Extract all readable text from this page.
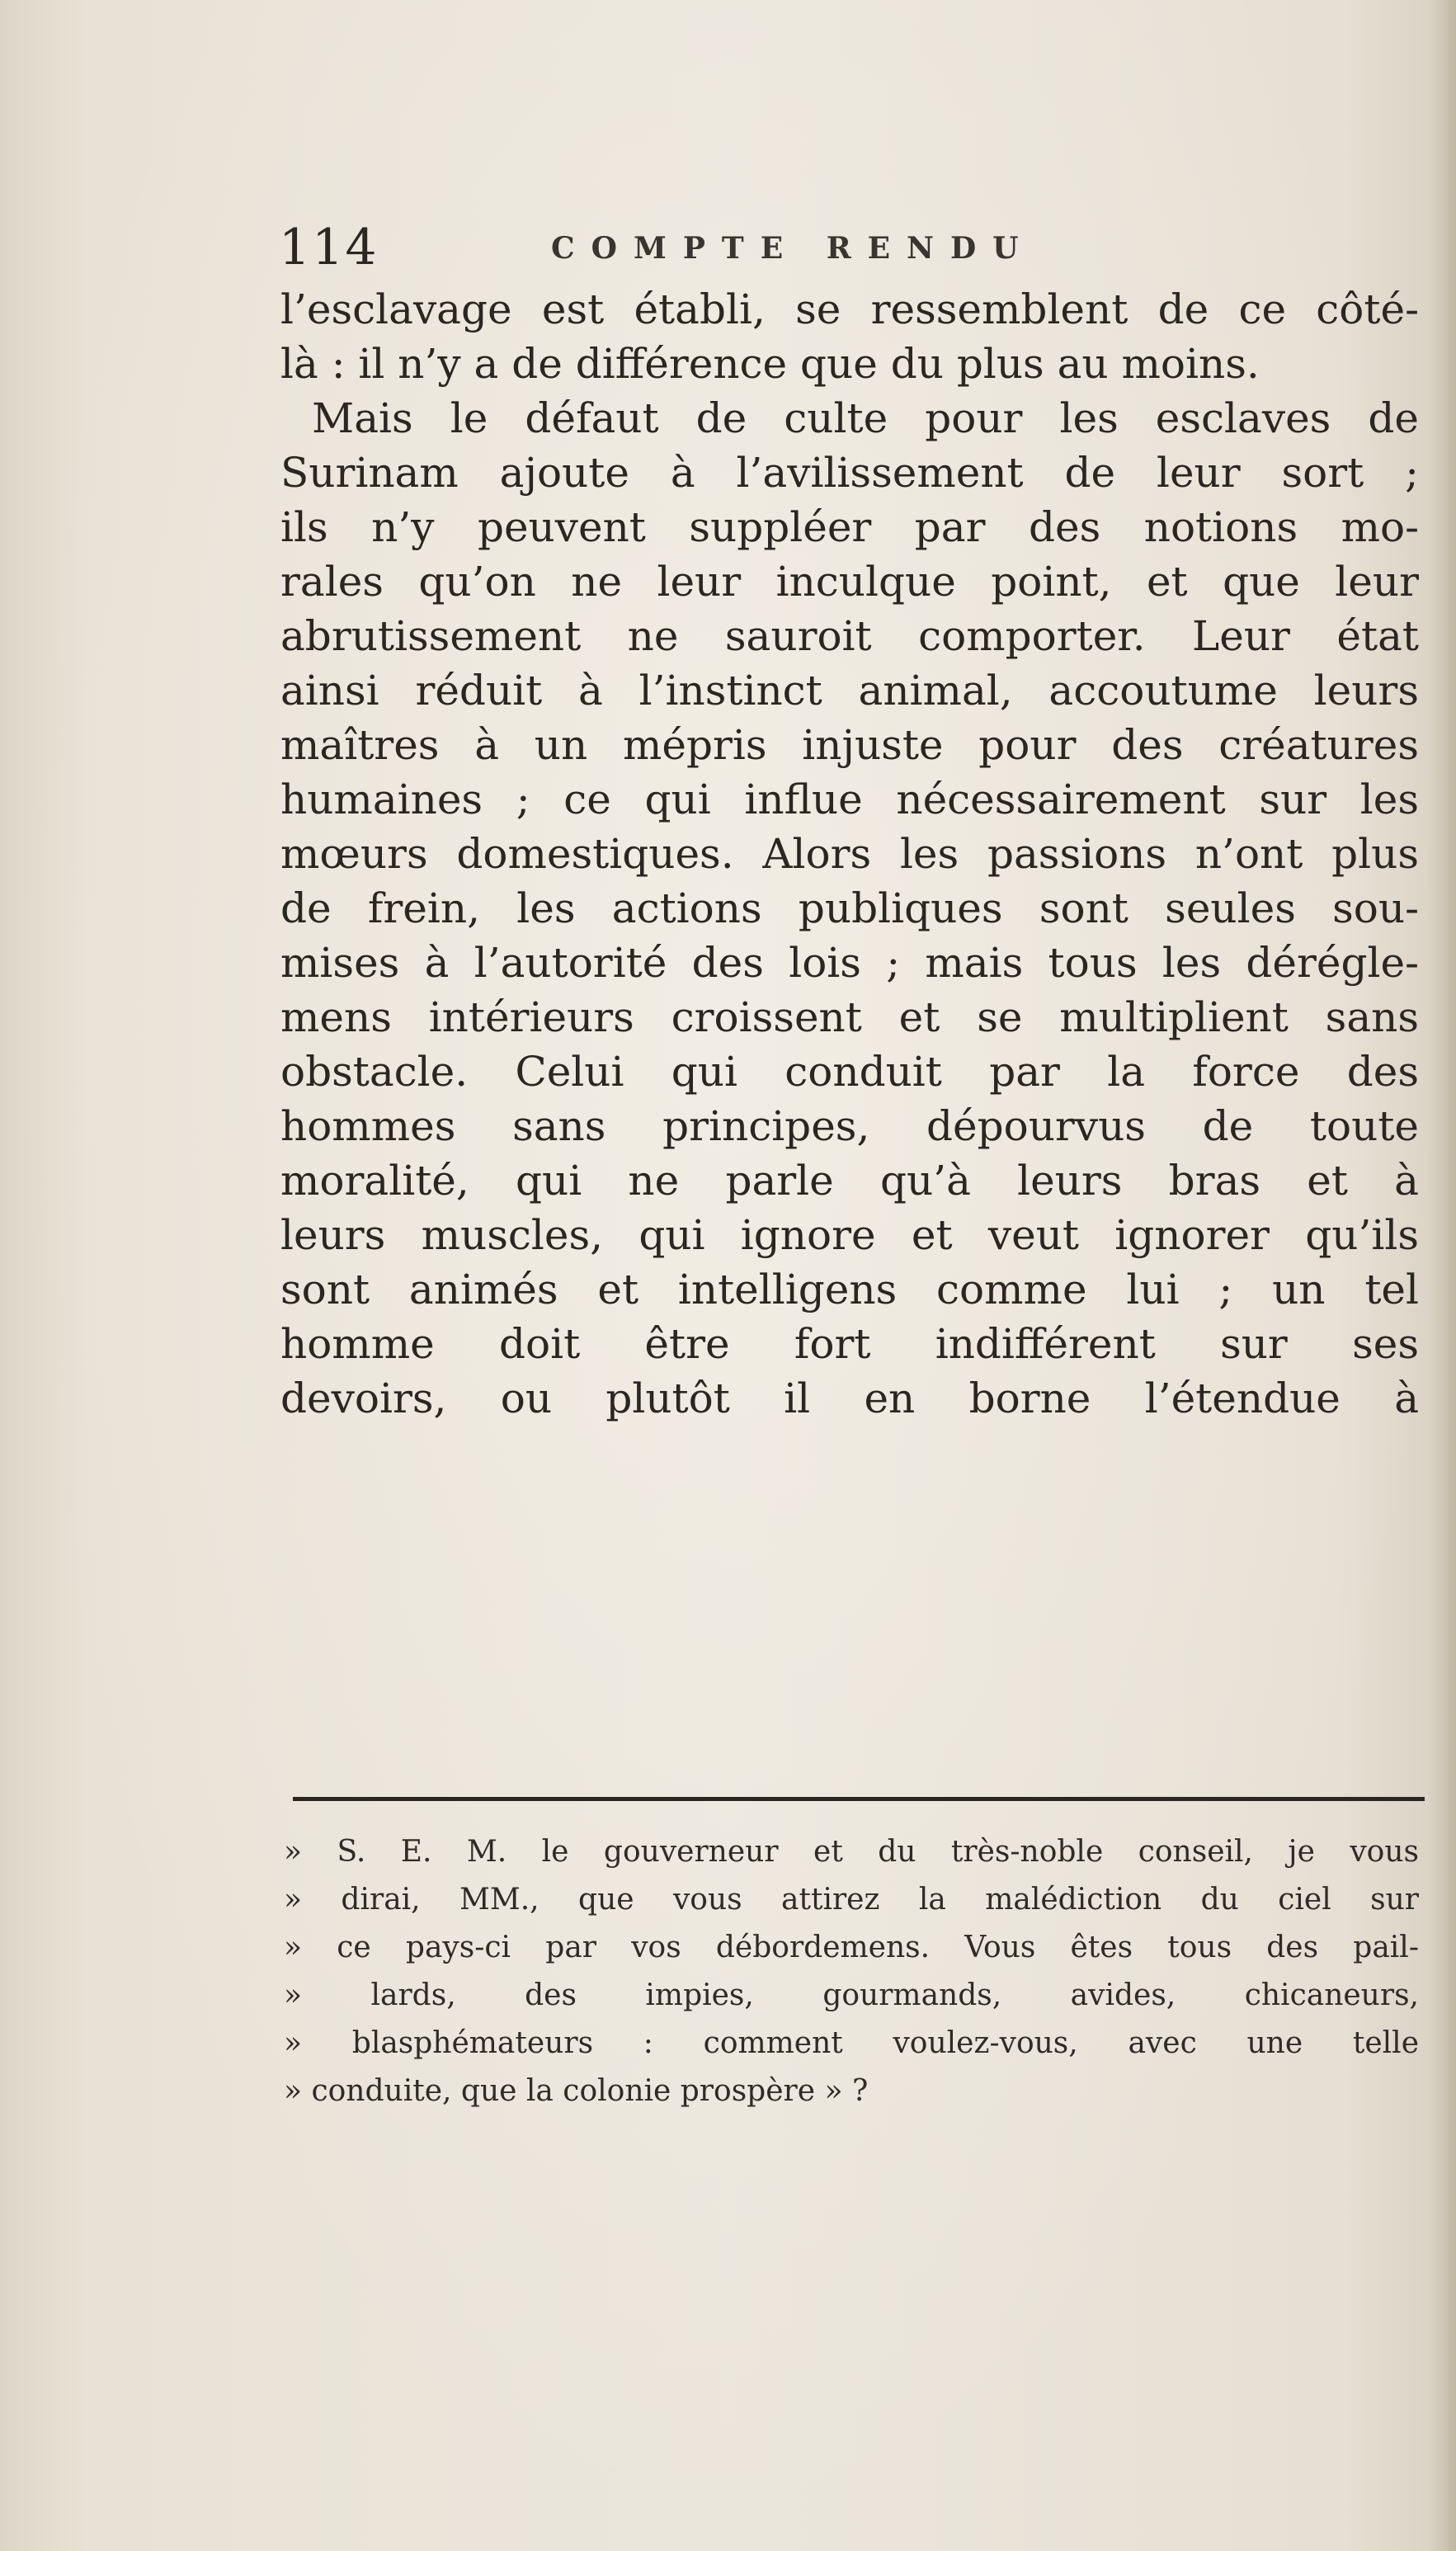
114	COMPTE RENDU
l’esclavage est établi, se ressemblent de ce côté-
là : il n’y a de différence que du plus au moins.
Mais le défaut de culte pour les esclaves de
Surinam ajoute à l’avilissement de leur sort ;
ils n’y peuvent suppléer par des notions mo-
rales qu’on ne leur inculque point, et que leur
abrutissement ne sauroit comporter. Leur état
ainsi réduit à l’instinct animal, accoutume leurs
maîtres à un mépris injuste pour des créatures
humaines ; ce qui influe nécessairement sur les
mœurs domestiques. Alors les passions n’ont plus
de frein, les actions publiques sont seules sou-
mises à l’autorité des lois ; mais tous les dérégle-
mens intérieurs croissent et se multiplient sans
obstacle. Celui qui conduit par la force des
hommes sans principes, dépourvus de toute
moralité, qui ne parle qu’à leurs bras et à
leurs muscles, qui ignore et veut ignorer qu’ils
sont animés et intelligens comme lui ; un tel
homme doit être fort indifférent sur ses
devoirs, ou plutôt il en borne l’étendue à
» S. E. M. le gouverneur et du très-noble conseil, je vous
» dirai, MM., que vous attirez la malédiction du ciel sur
» ce pays-ci par vos débordemens. Vous êtes tous des pail-
» lards, des impies, gourmands, avides, chicaneurs,
» blasphémateurs : comment voulez-vous, avec une telle
» conduite, que la colonie prospère » ?
